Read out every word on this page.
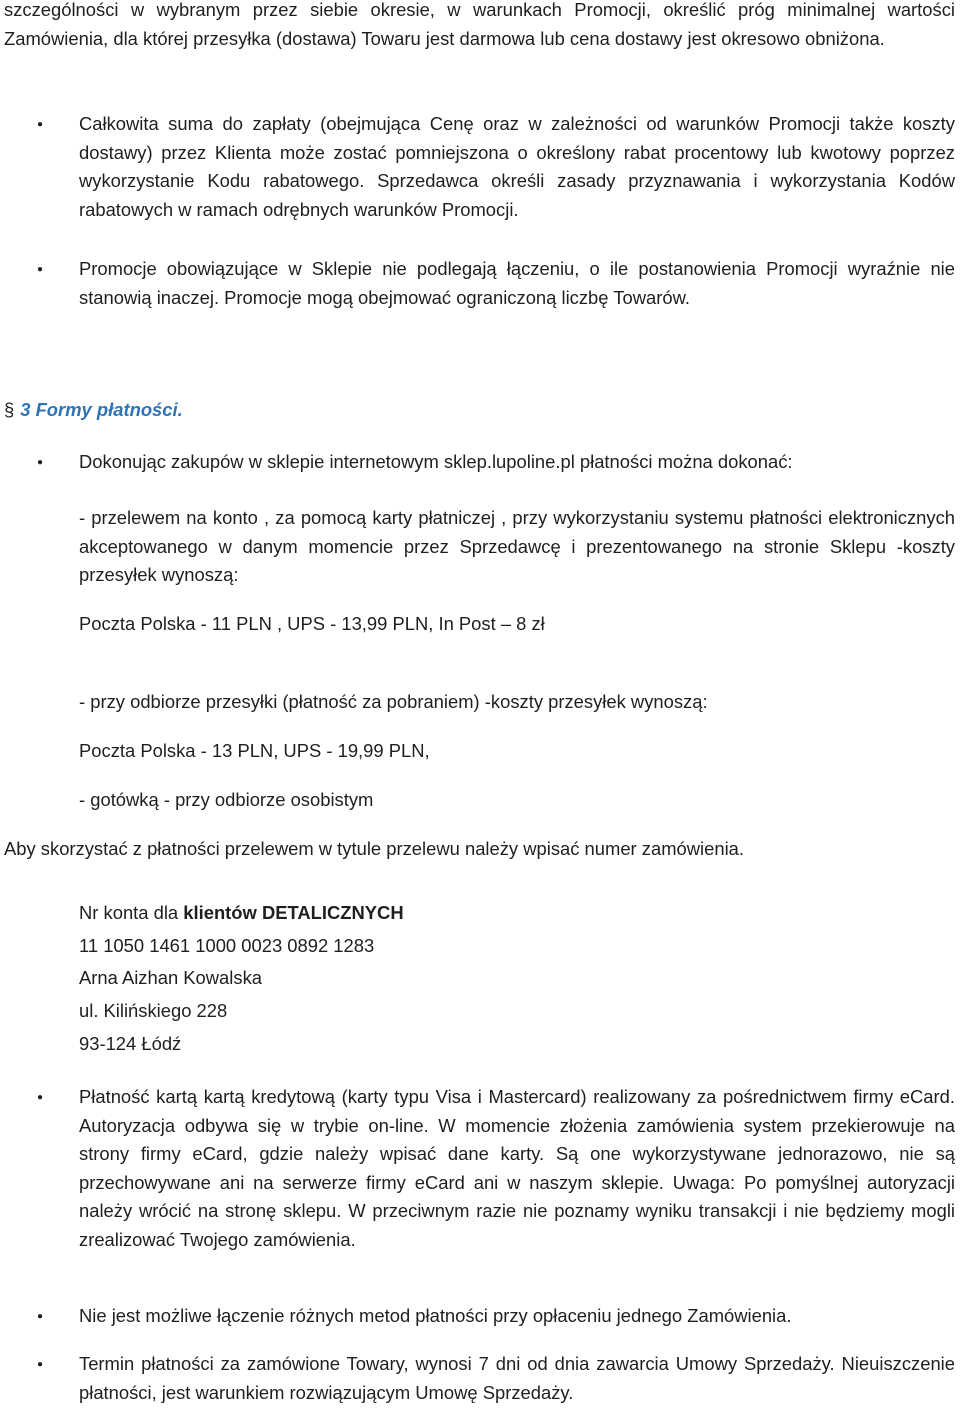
szczególności w wybranym przez siebie okresie, w warunkach Promocji, określić próg minimalnej wartości Zamówienia, dla której przesyłka (dostawa) Towaru jest darmowa lub cena dostawy jest okresowo obniżona.

● Całkowita suma do zapłaty (obejmująca Cenę oraz w zależności od warunków Promocji także koszty dostawy) przez Klienta może zostać pomniejszona o określony rabat procentowy lub kwotowy poprzez wykorzystanie Kodu rabatowego. Sprzedawca określi zasady przyznawania i wykorzystania Kodów rabatowych w ramach odrębnych warunków Promocji.

● Promocje obowiązujące w Sklepie nie podlegają łączeniu, o ile postanowienia Promocji wyraźnie nie stanowią inaczej. Promocje mogą obejmować ograniczoną liczbę Towarów.

§ 3 Formy płatności.
● Dokonując zakupów w sklepie internetowym sklep.lupoline.pl płatności można dokonać:

- przelewem na konto , za pomocą karty płatniczej , przy wykorzystaniu systemu płatności elektronicznych akceptowanego w danym momencie przez Sprzedawcę i prezentowanego na stronie Sklepu -koszty przesyłek wynoszą:

Poczta Polska - 11 PLN , UPS - 13,99 PLN, In Post – 8 zł

- przy odbiorze przesyłki (płatność za pobraniem) -koszty przesyłek wynoszą:

Poczta Polska - 13 PLN, UPS - 19,99 PLN,

- gotówką - przy odbiorze osobistym

Aby skorzystać z płatności przelewem w tytule przelewu należy wpisać numer zamówienia.

Nr konta dla klientów DETALICZNYCH

11 1050 1461 1000 0023 0892 1283

Arna Aizhan Kowalska

ul. Kilińskiego 228

93-124 Łódź

● Płatność kartą kartą kredytową (karty typu Visa i Mastercard) realizowany za pośrednictwem firmy eCard. Autoryzacja odbywa się w trybie on-line. W momencie złożenia zamówienia system przekierowuje na strony firmy eCard, gdzie należy wpisać dane karty. Są one wykorzystywane jednorazowo, nie są przechowywane ani na serwerze firmy eCard ani w naszym sklepie. Uwaga: Po pomyślnej autoryzacji należy wrócić na stronę sklepu. W przeciwnym razie nie poznamy wyniku transakcji i nie będziemy mogli zrealizować Twojego zamówienia.

● Nie jest możliwe łączenie różnych metod płatności przy opłaceniu jednego Zamówienia.

● Termin płatności za zamówione Towary, wynosi 7 dni od dnia zawarcia Umowy Sprzedaży. Nieuiszczenie płatności, jest warunkiem rozwiązującym Umowę Sprzedaży.
